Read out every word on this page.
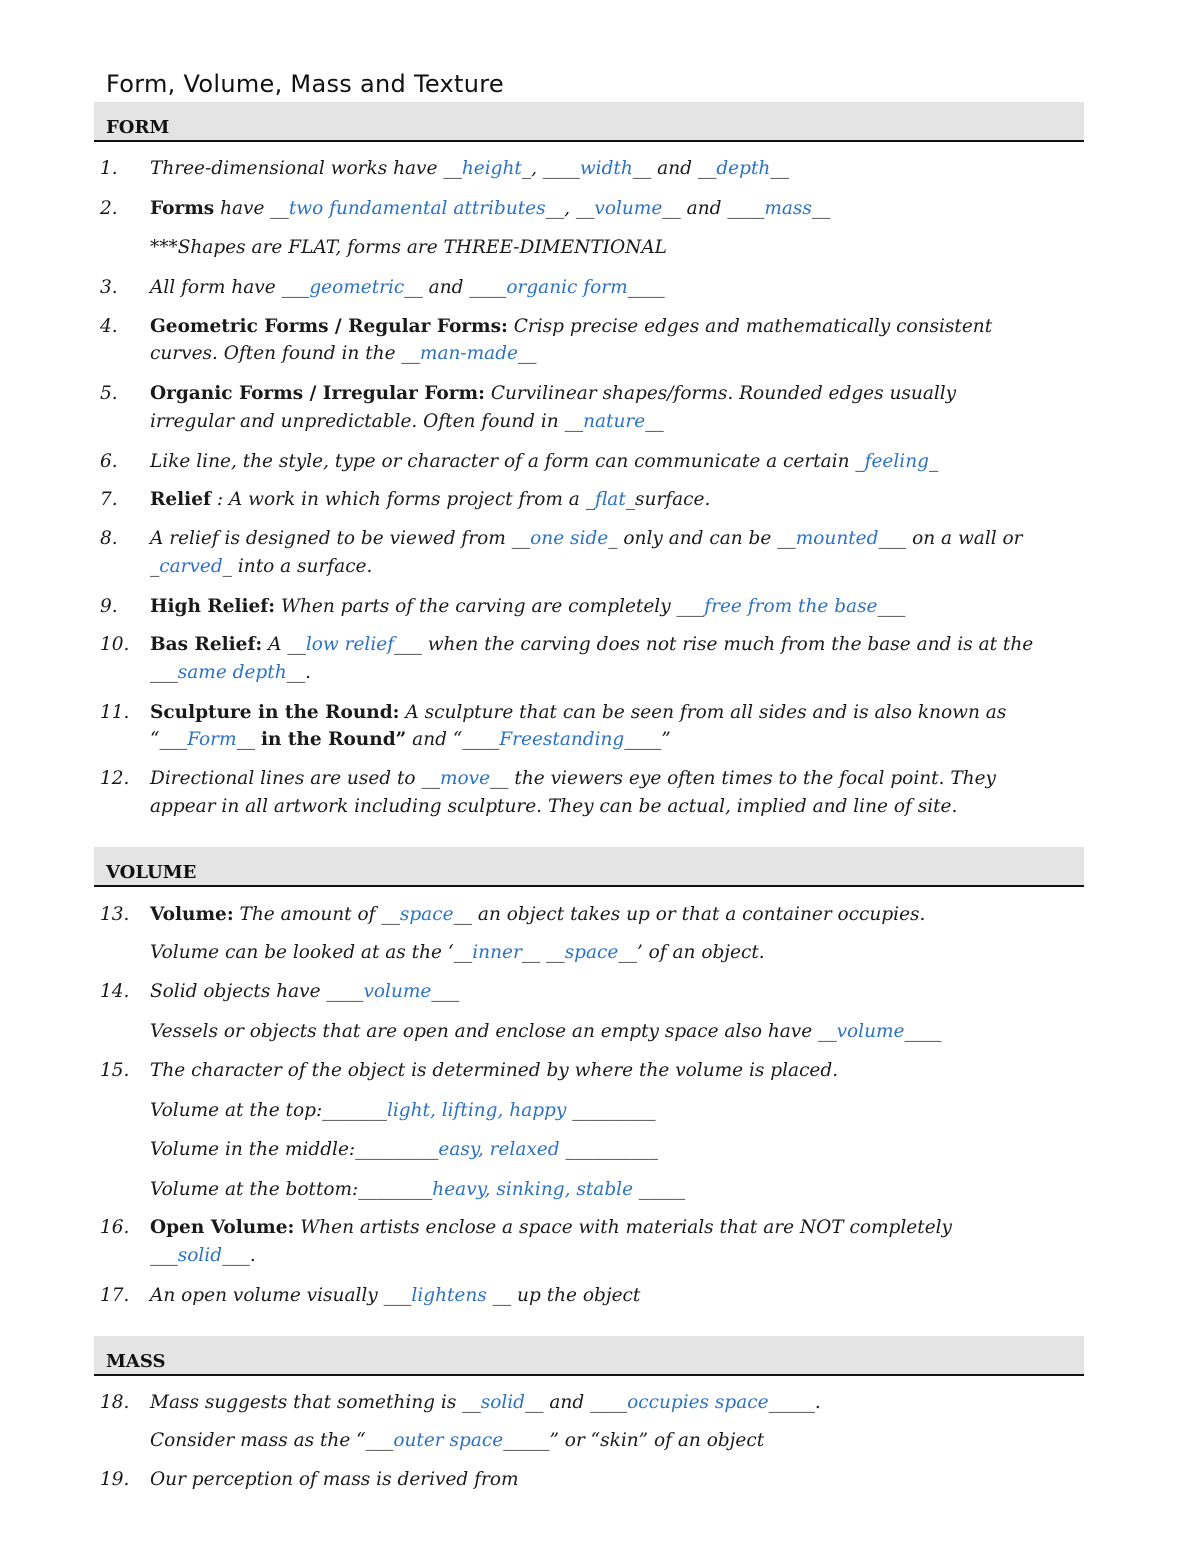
Form, Volume, Mass and Texture
FORM
VOLUME
MASS
1. Three-dimensional works have __height_, ____width__ and __depth__
2. Forms have __two fundamental attributes__, __volume__ and ____mass__
***Shapes are FLAT, forms are THREE-DIMENTIONAL
3. All form have ___geometric__ and ____organic form____
4. Geometric Forms / Regular Forms: Crisp precise edges and mathematically consistent
curves. Often found in the __man-made__
5. Organic Forms / Irregular Form: Curvilinear shapes/forms. Rounded edges usually
irregular and unpredictable. Often found in __nature__
6. Like line, the style, type or character of a form can communicate a certain _feeling_
7. Relief : A work in which forms project from a _flat_surface.
8. A relief is designed to be viewed from __one side_ only and can be __mounted___ on a wall or
_carved_ into a surface.
9. High Relief: When parts of the carving are completely ___free from the base___
10. Bas Relief: A __low relief___ when the carving does not rise much from the base and is at the
___same depth__.
11. Sculpture in the Round: A sculpture that can be seen from all sides and is also known as
“___Form__ in the Round” and “____Freestanding____”
12. Directional lines are used to __move__ the viewers eye often times to the focal point. They
appear in all artwork including sculpture. They can be actual, implied and line of site.
13. Volume: The amount of __space__ an object takes up or that a container occupies.
Volume can be looked at as the ‘__inner__ __space__’ of an object.
14. Solid objects have ____volume___
Vessels or objects that are open and enclose an empty space also have __volume____
15. The character of the object is determined by where the volume is placed.
Volume at the top:_______light, lifting, happy _________
Volume in the middle:_________easy, relaxed __________
Volume at the bottom:________heavy, sinking, stable _____
16. Open Volume: When artists enclose a space with materials that are NOT completely
___solid___.
17. An open volume visually ___lightens __ up the object
18. Mass suggests that something is __solid__ and ____occupies space_____.
Consider mass as the “___outer space_____” or “skin” of an object
19. Our perception of mass is derived from
